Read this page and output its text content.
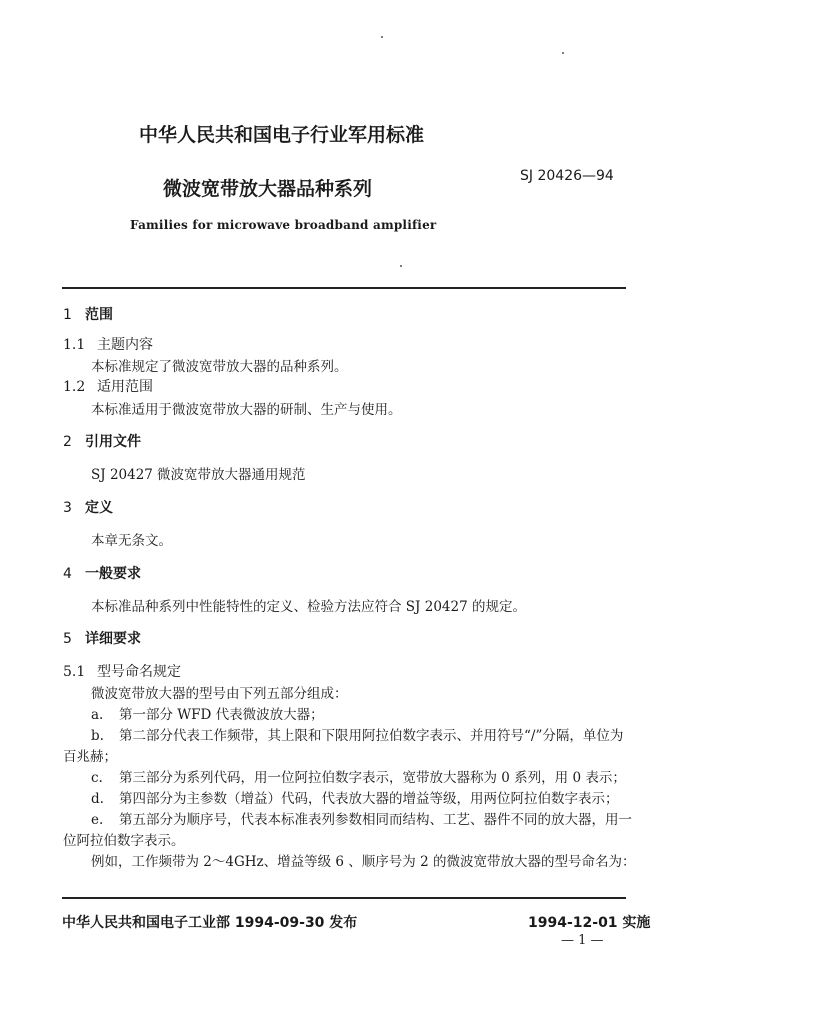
中华人民共和国电子行业军用标准
SJ 20426—94
微波宽带放大器品种系列
Families for microwave broadband amplifier
1 范围
1.1 主题内容
本标准规定了微波宽带放大器的品种系列。
1.2 适用范围
本标准适用于微波宽带放大器的研制、生产与使用。
2 引用文件
SJ 20427 微波宽带放大器通用规范
3 定义
本章无条文。
4 一般要求
本标准品种系列中性能特性的定义、检验方法应符合 SJ 20427 的规定。
5 详细要求
5.1 型号命名规定
微波宽带放大器的型号由下列五部分组成：
a. 第一部分 WFD 代表微波放大器；
b. 第二部分代表工作频带，其上限和下限用阿拉伯数字表示、并用符号“/”分隔，单位为
百兆赫；
c. 第三部分为系列代码，用一位阿拉伯数字表示，宽带放大器称为 0 系列，用 0 表示；
d. 第四部分为主参数（增益）代码，代表放大器的增益等级，用两位阿拉伯数字表示；
e. 第五部分为顺序号，代表本标准表列参数相同而结构、工艺、器件不同的放大器，用一
位阿拉伯数字表示。
例如，工作频带为 2～4GHz、增益等级 6 、顺序号为 2 的微波宽带放大器的型号命名为：
中华人民共和国电子工业部 1994-09-30 发布	1994-12-01 实施
— 1 —
